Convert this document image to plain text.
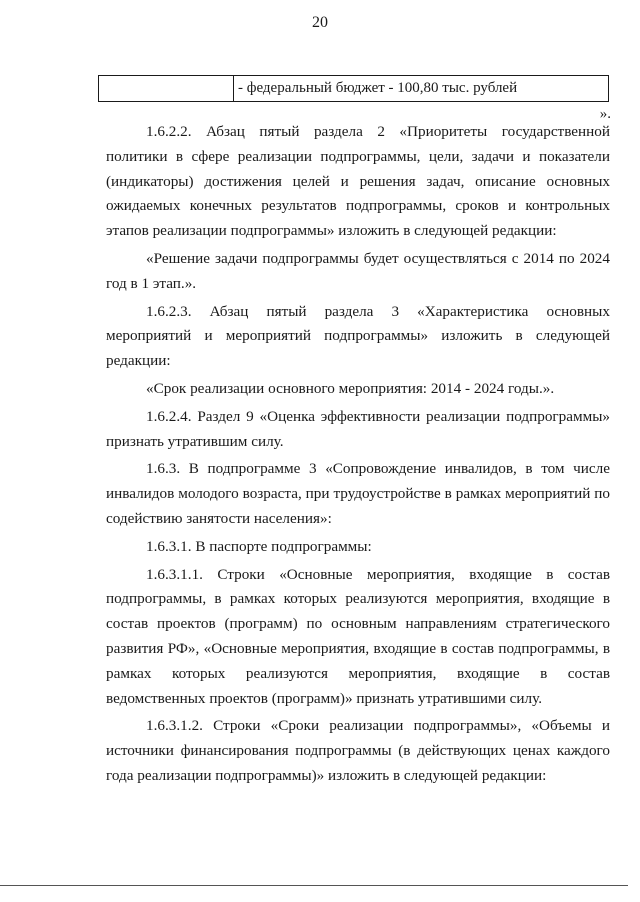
20
- федеральный бюджет - 100,80 тыс. рублей
».

1.6.2.2. Абзац пятый раздела 2 «Приоритеты государственной политики в сфере реализации подпрограммы, цели, задачи и показатели (индикаторы) достижения целей и решения задач, описание основных ожидаемых конечных результатов подпрограммы, сроков и контрольных этапов реализации подпрограммы» изложить в следующей редакции:

«Решение задачи подпрограммы будет осуществляться с 2014 по 2024 год в 1 этап.».

1.6.2.3. Абзац пятый раздела 3 «Характеристика основных мероприятий и мероприятий подпрограммы» изложить в следующей редакции:

«Срок реализации основного мероприятия: 2014 - 2024 годы.».

1.6.2.4. Раздел 9 «Оценка эффективности реализации подпрограммы» признать утратившим силу.

1.6.3. В подпрограмме 3 «Сопровождение инвалидов, в том числе инвалидов молодого возраста, при трудоустройстве в рамках мероприятий по содействию занятости населения»:

1.6.3.1. В паспорте подпрограммы:

1.6.3.1.1. Строки «Основные мероприятия, входящие в состав подпрограммы, в рамках которых реализуются мероприятия, входящие в состав проектов (программ) по основным направлениям стратегического развития РФ», «Основные мероприятия, входящие в состав подпрограммы, в рамках которых реализуются мероприятия, входящие в состав ведомственных проектов (программ)» признать утратившими силу.

1.6.3.1.2. Строки «Сроки реализации подпрограммы», «Объемы и источники финансирования подпрограммы (в действующих ценах каждого года реализации подпрограммы)» изложить в следующей редакции:
